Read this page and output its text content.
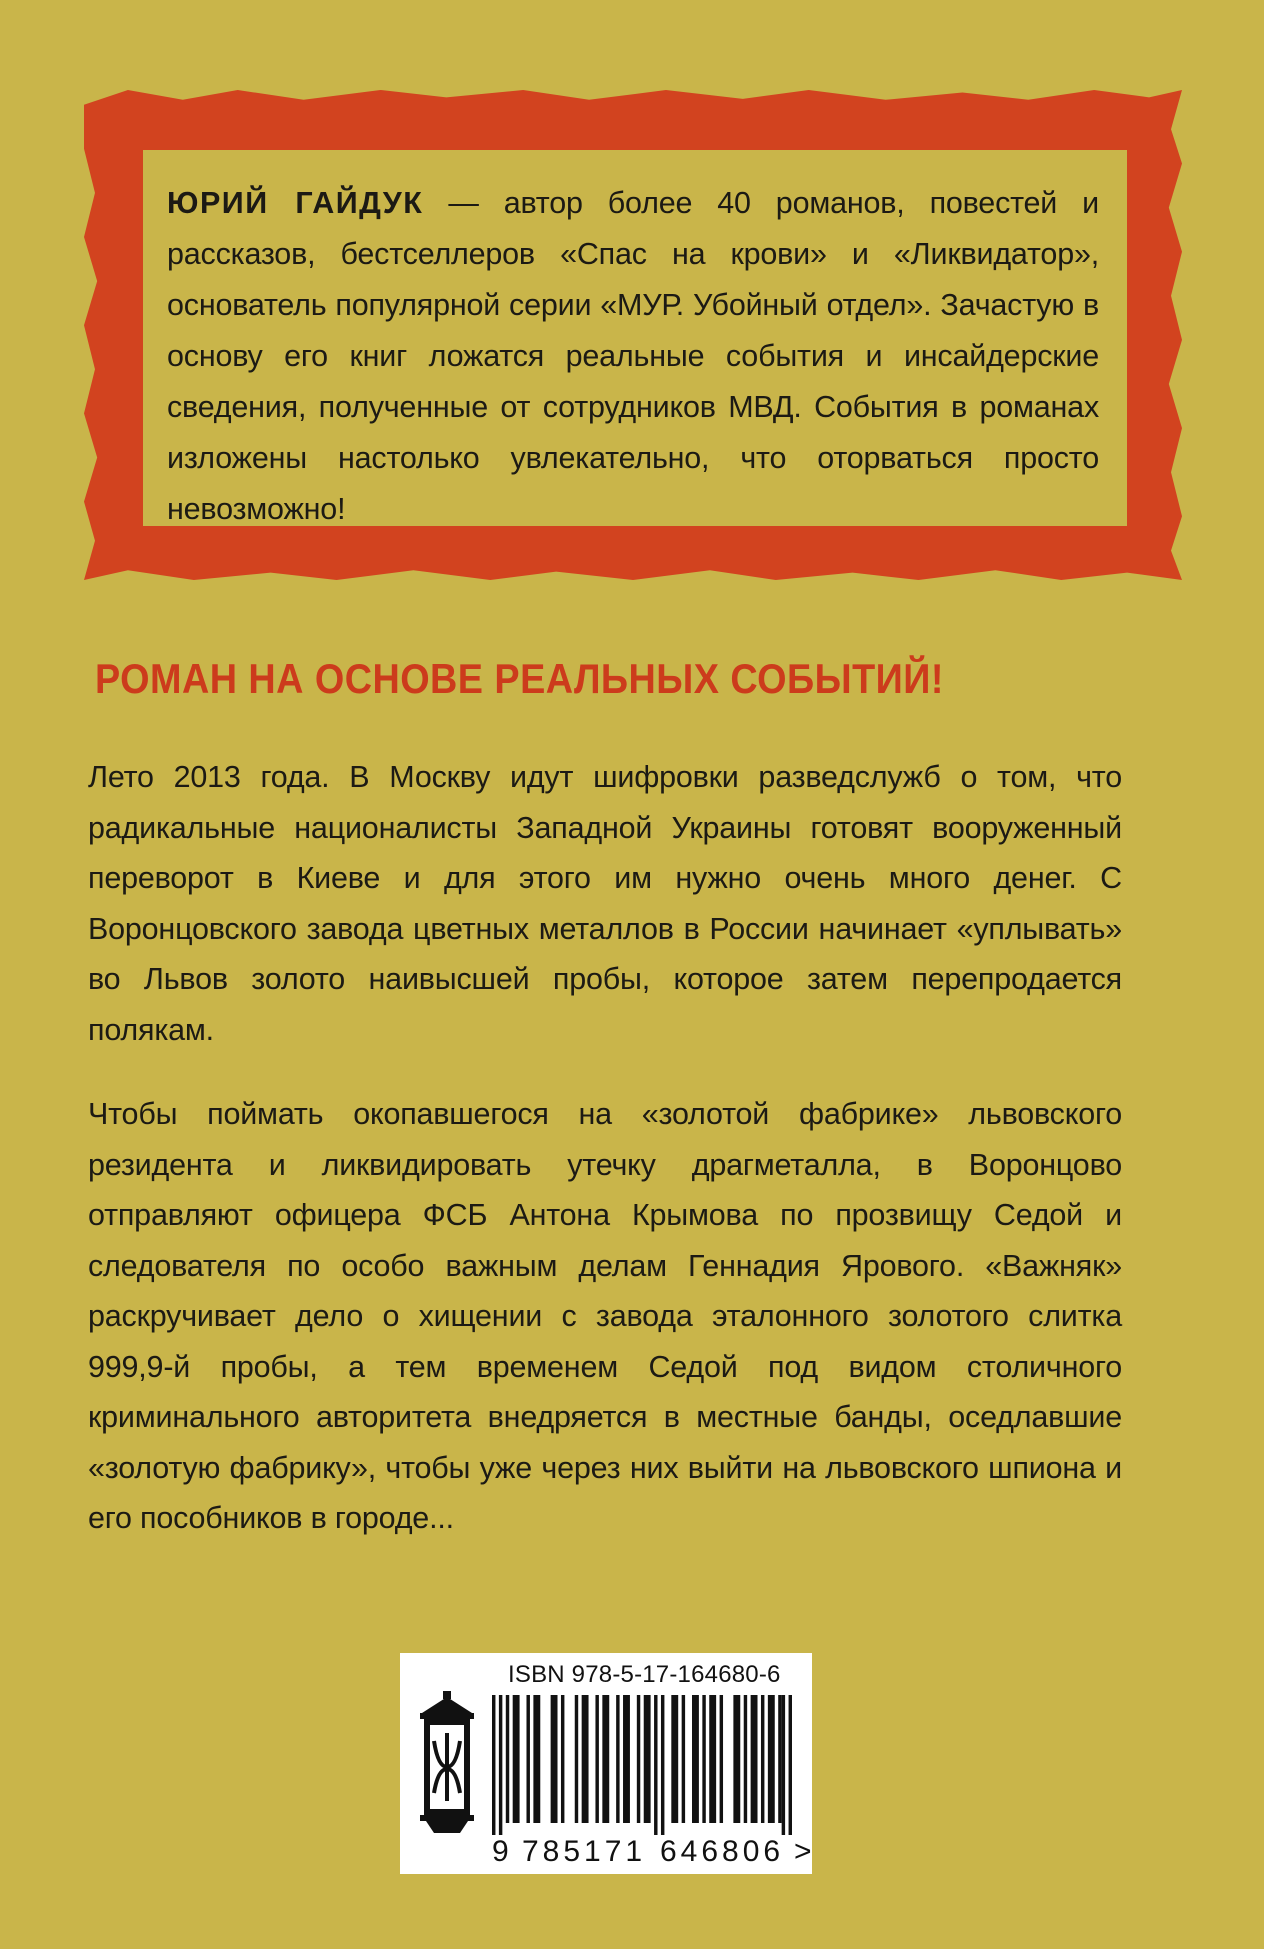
ЮРИЙ ГАЙДУК — автор более 40 романов, повестей и рассказов, бестселлеров «Спас на крови» и «Ликвидатор», основатель популярной серии «МУР. Убойный отдел». Зачастую в основу его книг ложатся реальные события и инсайдерские сведения, полученные от сотрудников МВД. События в романах изложены настолько увлекательно, что оторваться просто невозможно!

РОМАН НА ОСНОВЕ РЕАЛЬНЫХ СОБЫТИЙ!

Лето 2013 года. В Москву идут шифровки разведслужб о том, что радикальные националисты Западной Украины готовят вооруженный переворот в Киеве и для этого им нужно очень много денег. С Воронцовского завода цветных металлов в России начинает «уплывать» во Львов золото наивысшей пробы, которое затем перепродается полякам.

Чтобы поймать окопавшегося на «золотой фабрике» львовского резидента и ликвидировать утечку драгметалла, в Воронцово отправляют офицера ФСБ Антона Крымова по прозвищу Седой и следователя по особо важным делам Геннадия Ярового. «Важняк» раскручивает дело о хищении с завода эталонного золотого слитка 999,9-й пробы, а тем временем Седой под видом столичного криминального авторитета внедряется в местные банды, оседлавшие «золотую фабрику», чтобы уже через них выйти на львовского шпиона и его пособников в городе...

ISBN 978-5-17-164680-6

9 785171 646806 >
